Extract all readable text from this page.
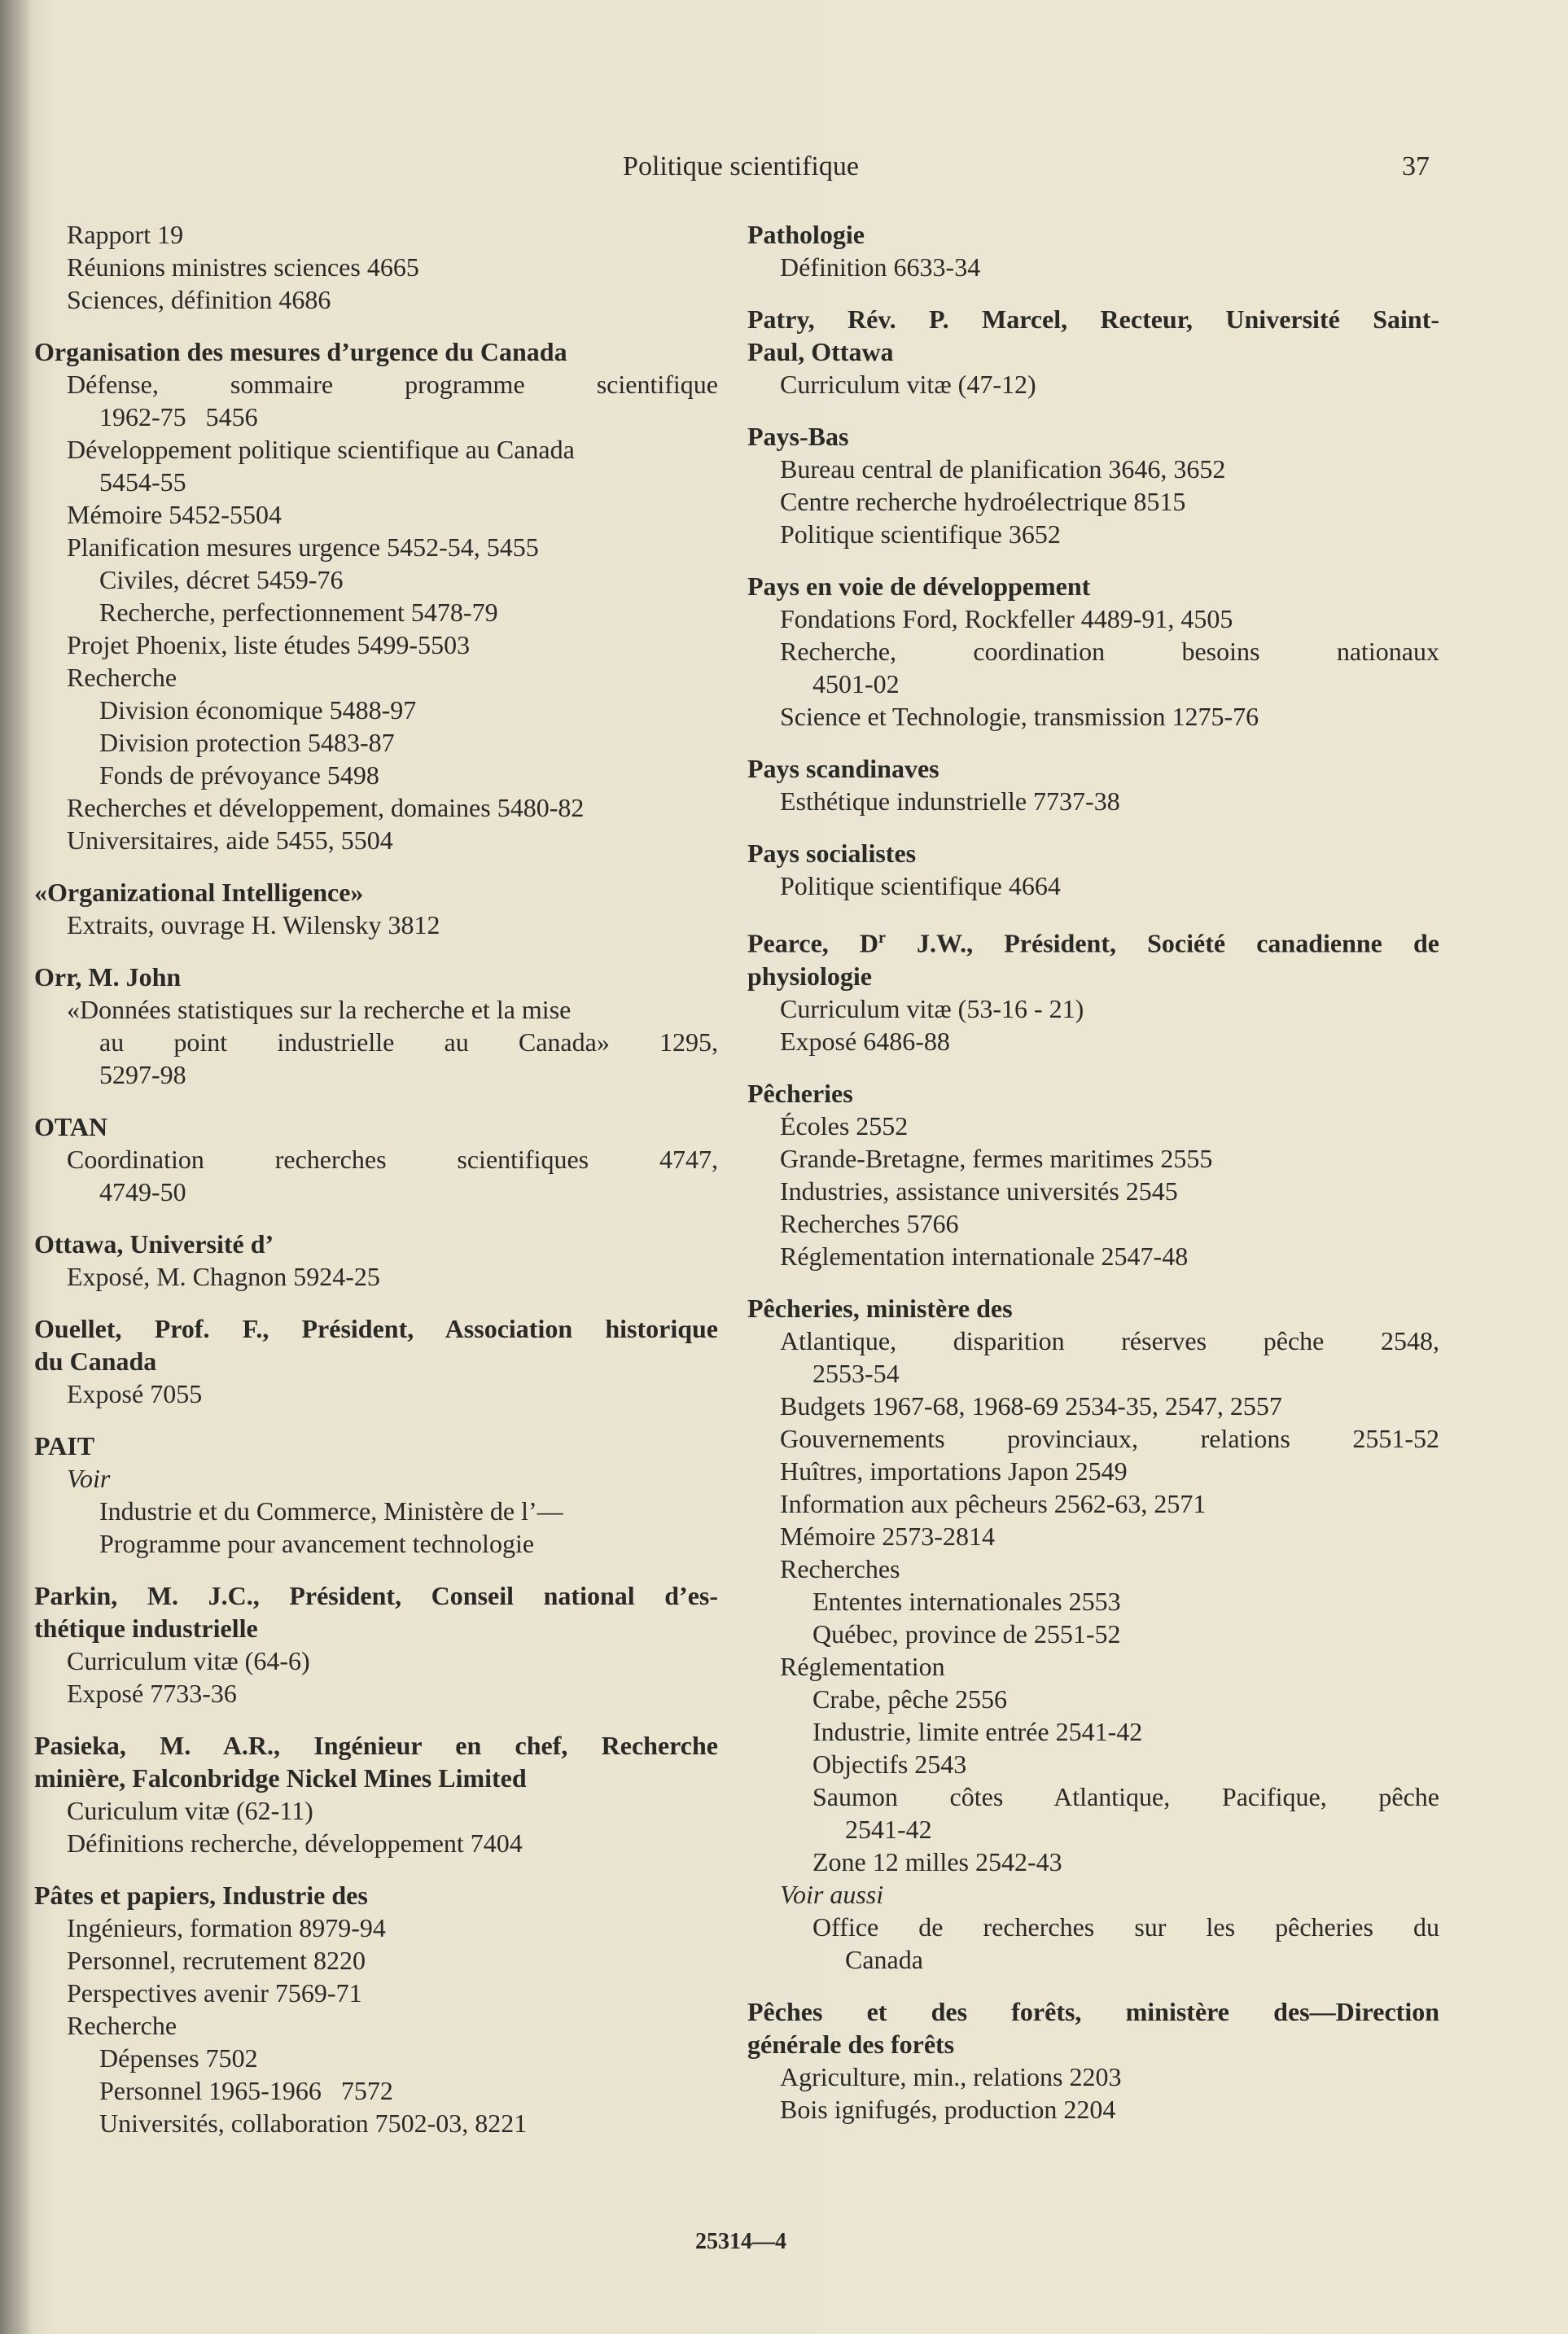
Politique scientifique	37
Rapport 19
Réunions ministres sciences 4665
Sciences, définition 4686
Organisation des mesures d’urgence du Canada
Défense, sommaire programme scientifique
1962-75   5456
Développement politique scientifique au Canada
5454-55
Mémoire 5452-5504
Planification mesures urgence 5452-54, 5455
Civiles, décret 5459-76
Recherche, perfectionnement 5478-79
Projet Phoenix, liste études 5499-5503
Recherche
Division économique 5488-97
Division protection 5483-87
Fonds de prévoyance 5498
Recherches et développement, domaines 5480-82
Universitaires, aide 5455, 5504
«Organizational Intelligence»
Extraits, ouvrage H. Wilensky 3812
Orr, M. John
«Données statistiques sur la recherche et la mise
au point industrielle au Canada» 1295,
5297-98
OTAN
Coordination recherches scientifiques 4747,
4749-50
Ottawa, Université d’
Exposé, M. Chagnon 5924-25
Ouellet, Prof. F., Président, Association historique
du Canada
Exposé 7055
PAIT
Voir
Industrie et du Commerce, Ministère de l’—
Programme pour avancement technologie
Parkin, M. J.C., Président, Conseil national d’es-
thétique industrielle
Curriculum vitæ (64-6)
Exposé 7733-36
Pasieka, M. A.R., Ingénieur en chef, Recherche
minière, Falconbridge Nickel Mines Limited
Curiculum vitæ (62-11)
Définitions recherche, développement 7404
Pâtes et papiers, Industrie des
Ingénieurs, formation 8979-94
Personnel, recrutement 8220
Perspectives avenir 7569-71
Recherche
Dépenses 7502
Personnel 1965-1966   7572
Universités, collaboration 7502-03, 8221
Pathologie
Définition 6633-34
Patry, Rév. P. Marcel, Recteur, Université Saint-
Paul, Ottawa
Curriculum vitæ (47-12)
Pays-Bas
Bureau central de planification 3646, 3652
Centre recherche hydroélectrique 8515
Politique scientifique 3652
Pays en voie de développement
Fondations Ford, Rockfeller 4489-91, 4505
Recherche, coordination besoins nationaux
4501-02
Science et Technologie, transmission 1275-76
Pays scandinaves
Esthétique indunstrielle 7737-38
Pays socialistes
Politique scientifique 4664
Pearce, $D^r$ J.W., Président, Société canadienne de
physiologie
Curriculum vitæ (53-16 - 21)
Exposé 6486-88
Pêcheries
Écoles 2552
Grande-Bretagne, fermes maritimes 2555
Industries, assistance universités 2545
Recherches 5766
Réglementation internationale 2547-48
Pêcheries, ministère des
Atlantique, disparition réserves pêche 2548,
2553-54
Budgets 1967-68, 1968-69 2534-35, 2547, 2557
Gouvernements provinciaux, relations 2551-52
Huîtres, importations Japon 2549
Information aux pêcheurs 2562-63, 2571
Mémoire 2573-2814
Recherches
Ententes internationales 2553
Québec, province de 2551-52
Réglementation
Crabe, pêche 2556
Industrie, limite entrée 2541-42
Objectifs 2543
Saumon côtes Atlantique, Pacifique, pêche
2541-42
Zone 12 milles 2542-43
Voir aussi
Office de recherches sur les pêcheries du
Canada
Pêches et des forêts, ministère des—Direction
générale des forêts
Agriculture, min., relations 2203
Bois ignifugés, production 2204
25314—4
